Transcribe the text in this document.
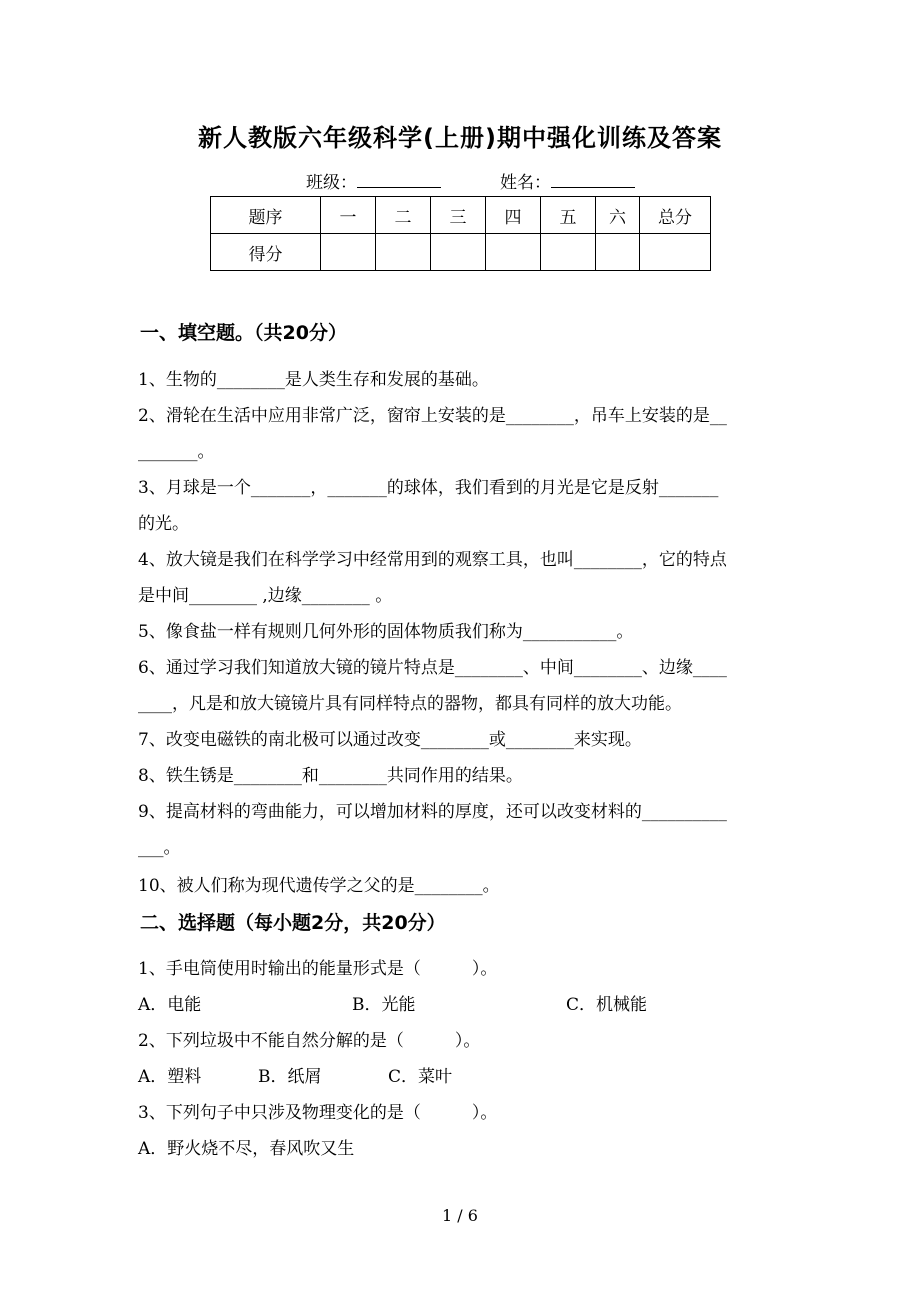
新人教版六年级科学(上册)期中强化训练及答案
班级：	姓名：
题序	一	二	三	四	五	六	总分
得分							
一、填空题。（共20分）
1、生物的________是人类生存和发展的基础。
2、滑轮在生活中应用非常广泛，窗帘上安装的是________，吊车上安装的是__
_______。
3、月球是一个_______，_______的球体，我们看到的月光是它是反射_______
的光。
4、放大镜是我们在科学学习中经常用到的观察工具，也叫________，它的特点
是中间________ ,边缘________ 。
5、像食盐一样有规则几何外形的固体物质我们称为___________。
6、通过学习我们知道放大镜的镜片特点是________、中间________、边缘____
____，凡是和放大镜镜片具有同样特点的器物，都具有同样的放大功能。
7、改变电磁铁的南北极可以通过改变________或________来实现。
8、铁生锈是________和________共同作用的结果。
9、提高材料的弯曲能力，可以增加材料的厚度，还可以改变材料的__________
___。
10、被人们称为现代遗传学之父的是________。
二、选择题（每小题2分，共20分）
1、手电筒使用时输出的能量形式是（　　　）。
A．电能	B．光能	C．机械能
2、下列垃圾中不能自然分解的是（　　　）。
A．塑料	B．纸屑	C．菜叶
3、下列句子中只涉及物理变化的是（　　　）。
A．野火烧不尽，春风吹又生
1 / 6
